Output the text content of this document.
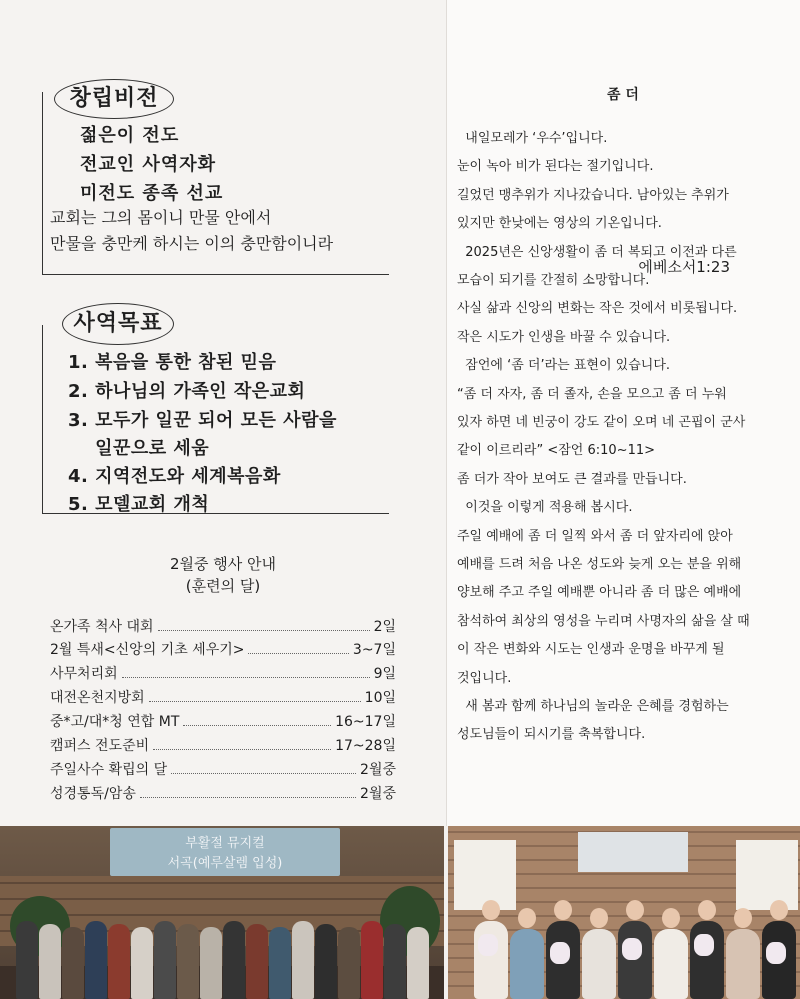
창립비전
젊은이 전도
전교인 사역자화
미전도 종족 선교
교회는 그의 몸이니 만물 안에서
만물을 충만케 하시는 이의 충만함이니라
에베소서1:23
사역목표
1. 복음을 통한 참된 믿음
2. 하나님의 가족인 작은교회
3. 모두가 일꾼 되어 모든 사람을
일꾼으로 세움
4. 지역전도와 세계복음화
5. 모델교회 개척
2월중 행사 안내
(훈련의 달)
온가족 척사 대회	2일
2월 특새<신앙의 기초 세우기>	3~7일
사무처리회	9일
대전온천지방회	10일
중*고/대*청 연합 MT	16~17일
캠퍼스 전도준비	17~28일
주일사수 확립의 달	2월중
성경통독/암송	2월중
좀 더
내일모레가 ‘우수’입니다.
눈이 녹아 비가 된다는 절기입니다.
길었던 맹추위가 지나갔습니다. 남아있는 추위가
있지만 한낮에는 영상의 기온입니다.
2025년은 신앙생활이 좀 더 복되고 이전과 다른
모습이 되기를 간절히 소망합니다.
사실 삶과 신앙의 변화는 작은 것에서 비롯됩니다.
작은 시도가 인생을 바꿀 수 있습니다.
잠언에 ‘좀 더’라는 표현이 있습니다.
“좀 더 자자, 좀 더 졸자, 손을 모으고 좀 더 누워
있자 하면 네 빈궁이 강도 같이 오며 네 곤핍이 군사
같이 이르리라” <잠언 6:10~11>
좀 더가 작아 보여도 큰 결과를 만듭니다.
이것을 이렇게 적용해 봅시다.
주일 예배에 좀 더 일찍 와서 좀 더 앞자리에 앉아
예배를 드려 처음 나온 성도와 늦게 오는 분을 위해
양보해 주고 주일 예배뿐 아니라 좀 더 많은 예배에
참석하여 최상의 영성을 누리며 사명자의 삶을 살 때
이 작은 변화와 시도는 인생과 운명을 바꾸게 될
것입니다.
새 봄과 함께 하나님의 놀라운 은혜를 경험하는
성도님들이 되시기를 축복합니다.
부활절 뮤지컬
서곡(예루살렘 입성)
